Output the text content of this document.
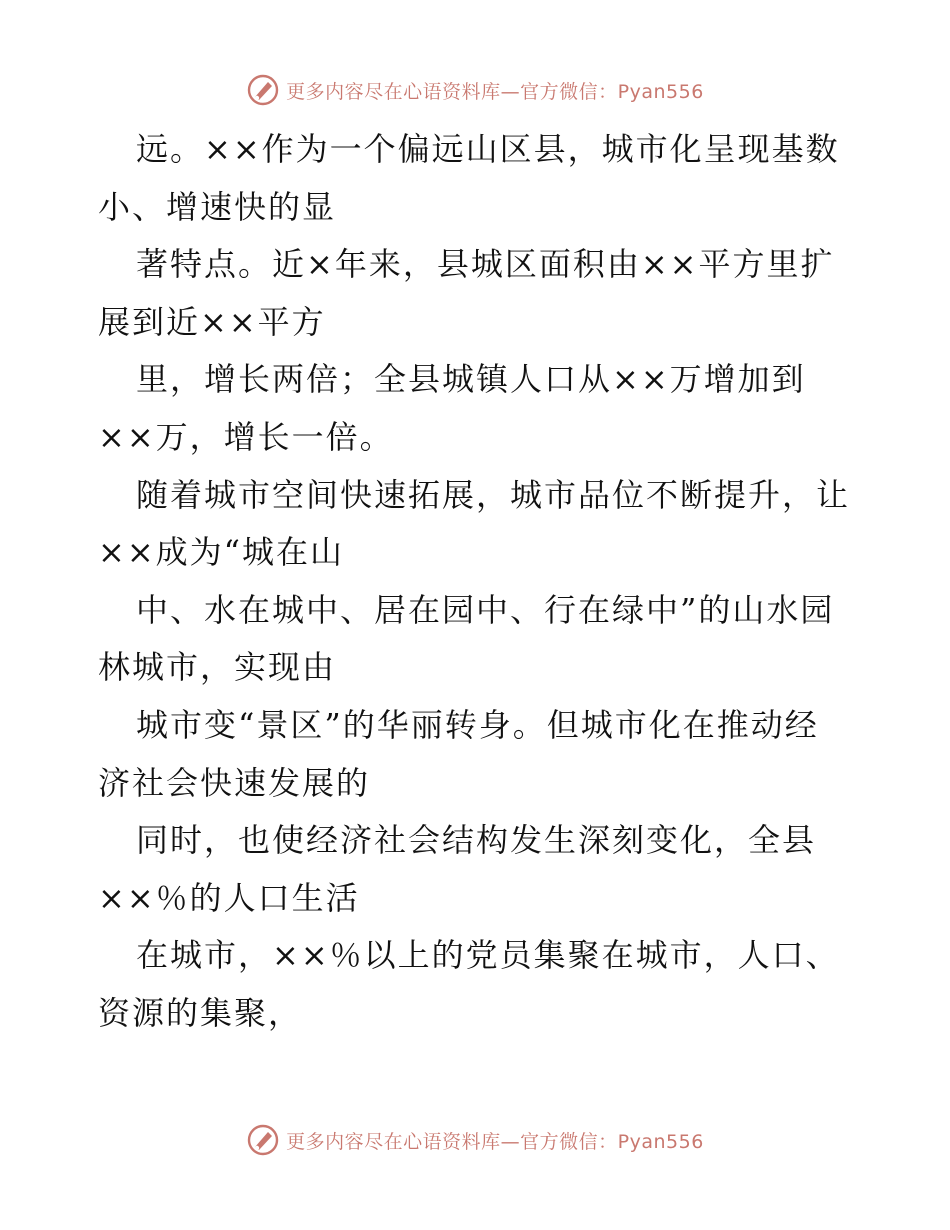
更多内容尽在心语资料库—官方微信：Pyan556
远。××作为一个偏远山区县，城市化呈现基数
小、增速快的显
著特点。近×年来，县城区面积由××平方里扩
展到近××平方
里，增长两倍；全县城镇人口从××万增加到
××万，增长一倍。
随着城市空间快速拓展，城市品位不断提升，让
××成为“城在山
中、水在城中、居在园中、行在绿中”的山水园
林城市，实现由
城市变“景区”的华丽转身。但城市化在推动经
济社会快速发展的
同时，也使经济社会结构发生深刻变化，全县
××％的人口生活
在城市，××％以上的党员集聚在城市，人口、
资源的集聚，
更多内容尽在心语资料库—官方微信：Pyan556
